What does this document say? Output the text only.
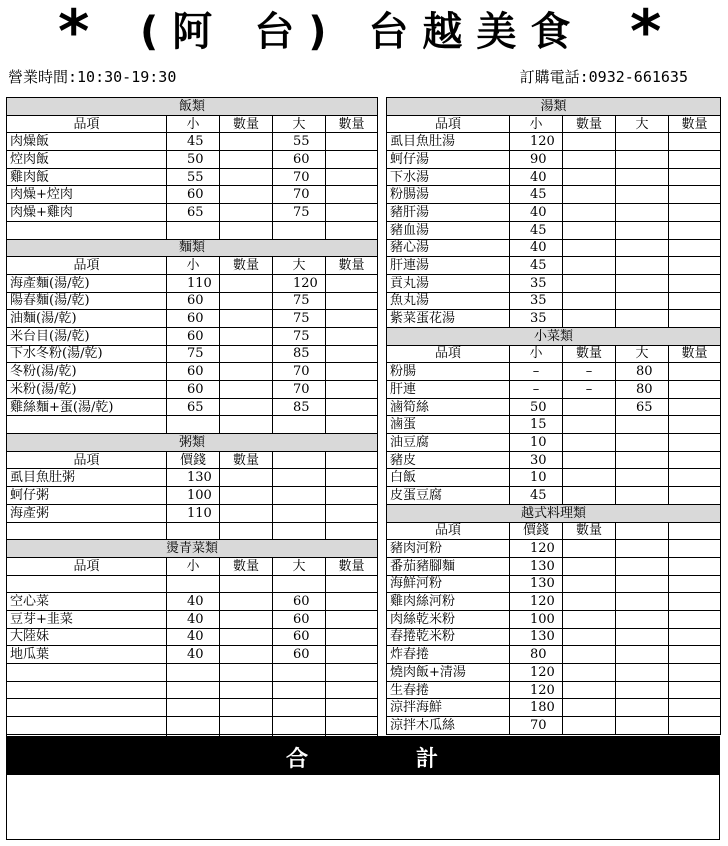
* (阿 台) 台越美食 *
營業時間:10:30-19:30	訂購電話:0932-661635
飯類				
品項	小	數量	大	數量
肉燥飯	45		55	
焢肉飯	50		60	
雞肉飯	55		70	
肉燥+焢肉	60		70	
肉燥+雞肉	65		75	

麵類				
品項	小	數量	大	數量
海產麵(湯/乾)	110		120	
陽春麵(湯/乾)	60		75	
油麵(湯/乾)	60		75	
米台目(湯/乾)	60		75	
下水冬粉(湯/乾)	75		85	
冬粉(湯/乾)	60		70	
米粉(湯/乾)	60		70	
雞絲麵+蛋(湯/乾)	65		85	

粥類				
品項	價錢	數量		
虱目魚肚粥	130			
蚵仔粥	100			
海產粥	110			

燙青菜類				
品項	小	數量	大	數量

空心菜	40		60	
豆芽+韭菜	40		60	
大陸妹	40		60	
地瓜葉	40		60	

湯類				
品項	小	數量	大	數量
虱目魚肚湯	120			
蚵仔湯	90			
下水湯	40			
粉腸湯	45			
豬肝湯	40			
豬血湯	45			
豬心湯	40			
肝連湯	45			
貢丸湯	35			
魚丸湯	35			
紫菜蛋花湯	35			
小菜類				
品項	小	數量	大	數量
粉腸	–	–	80	
肝連	–	–	80	
滷筍絲	50		65	
滷蛋	15			
油豆腐	10			
豬皮	30			
白飯	10			
皮蛋豆腐	45			
越式料理類				
品項	價錢	數量		
豬肉河粉	120			
番茄豬腳麵	130			
海鮮河粉	130			
雞肉絲河粉	120			
肉絲乾米粉	100			
春捲乾米粉	130			
炸春捲	80			
燒肉飯+清湯	120			
生春捲	120			
涼拌海鮮	180			
涼拌木瓜絲	70			
合	計
